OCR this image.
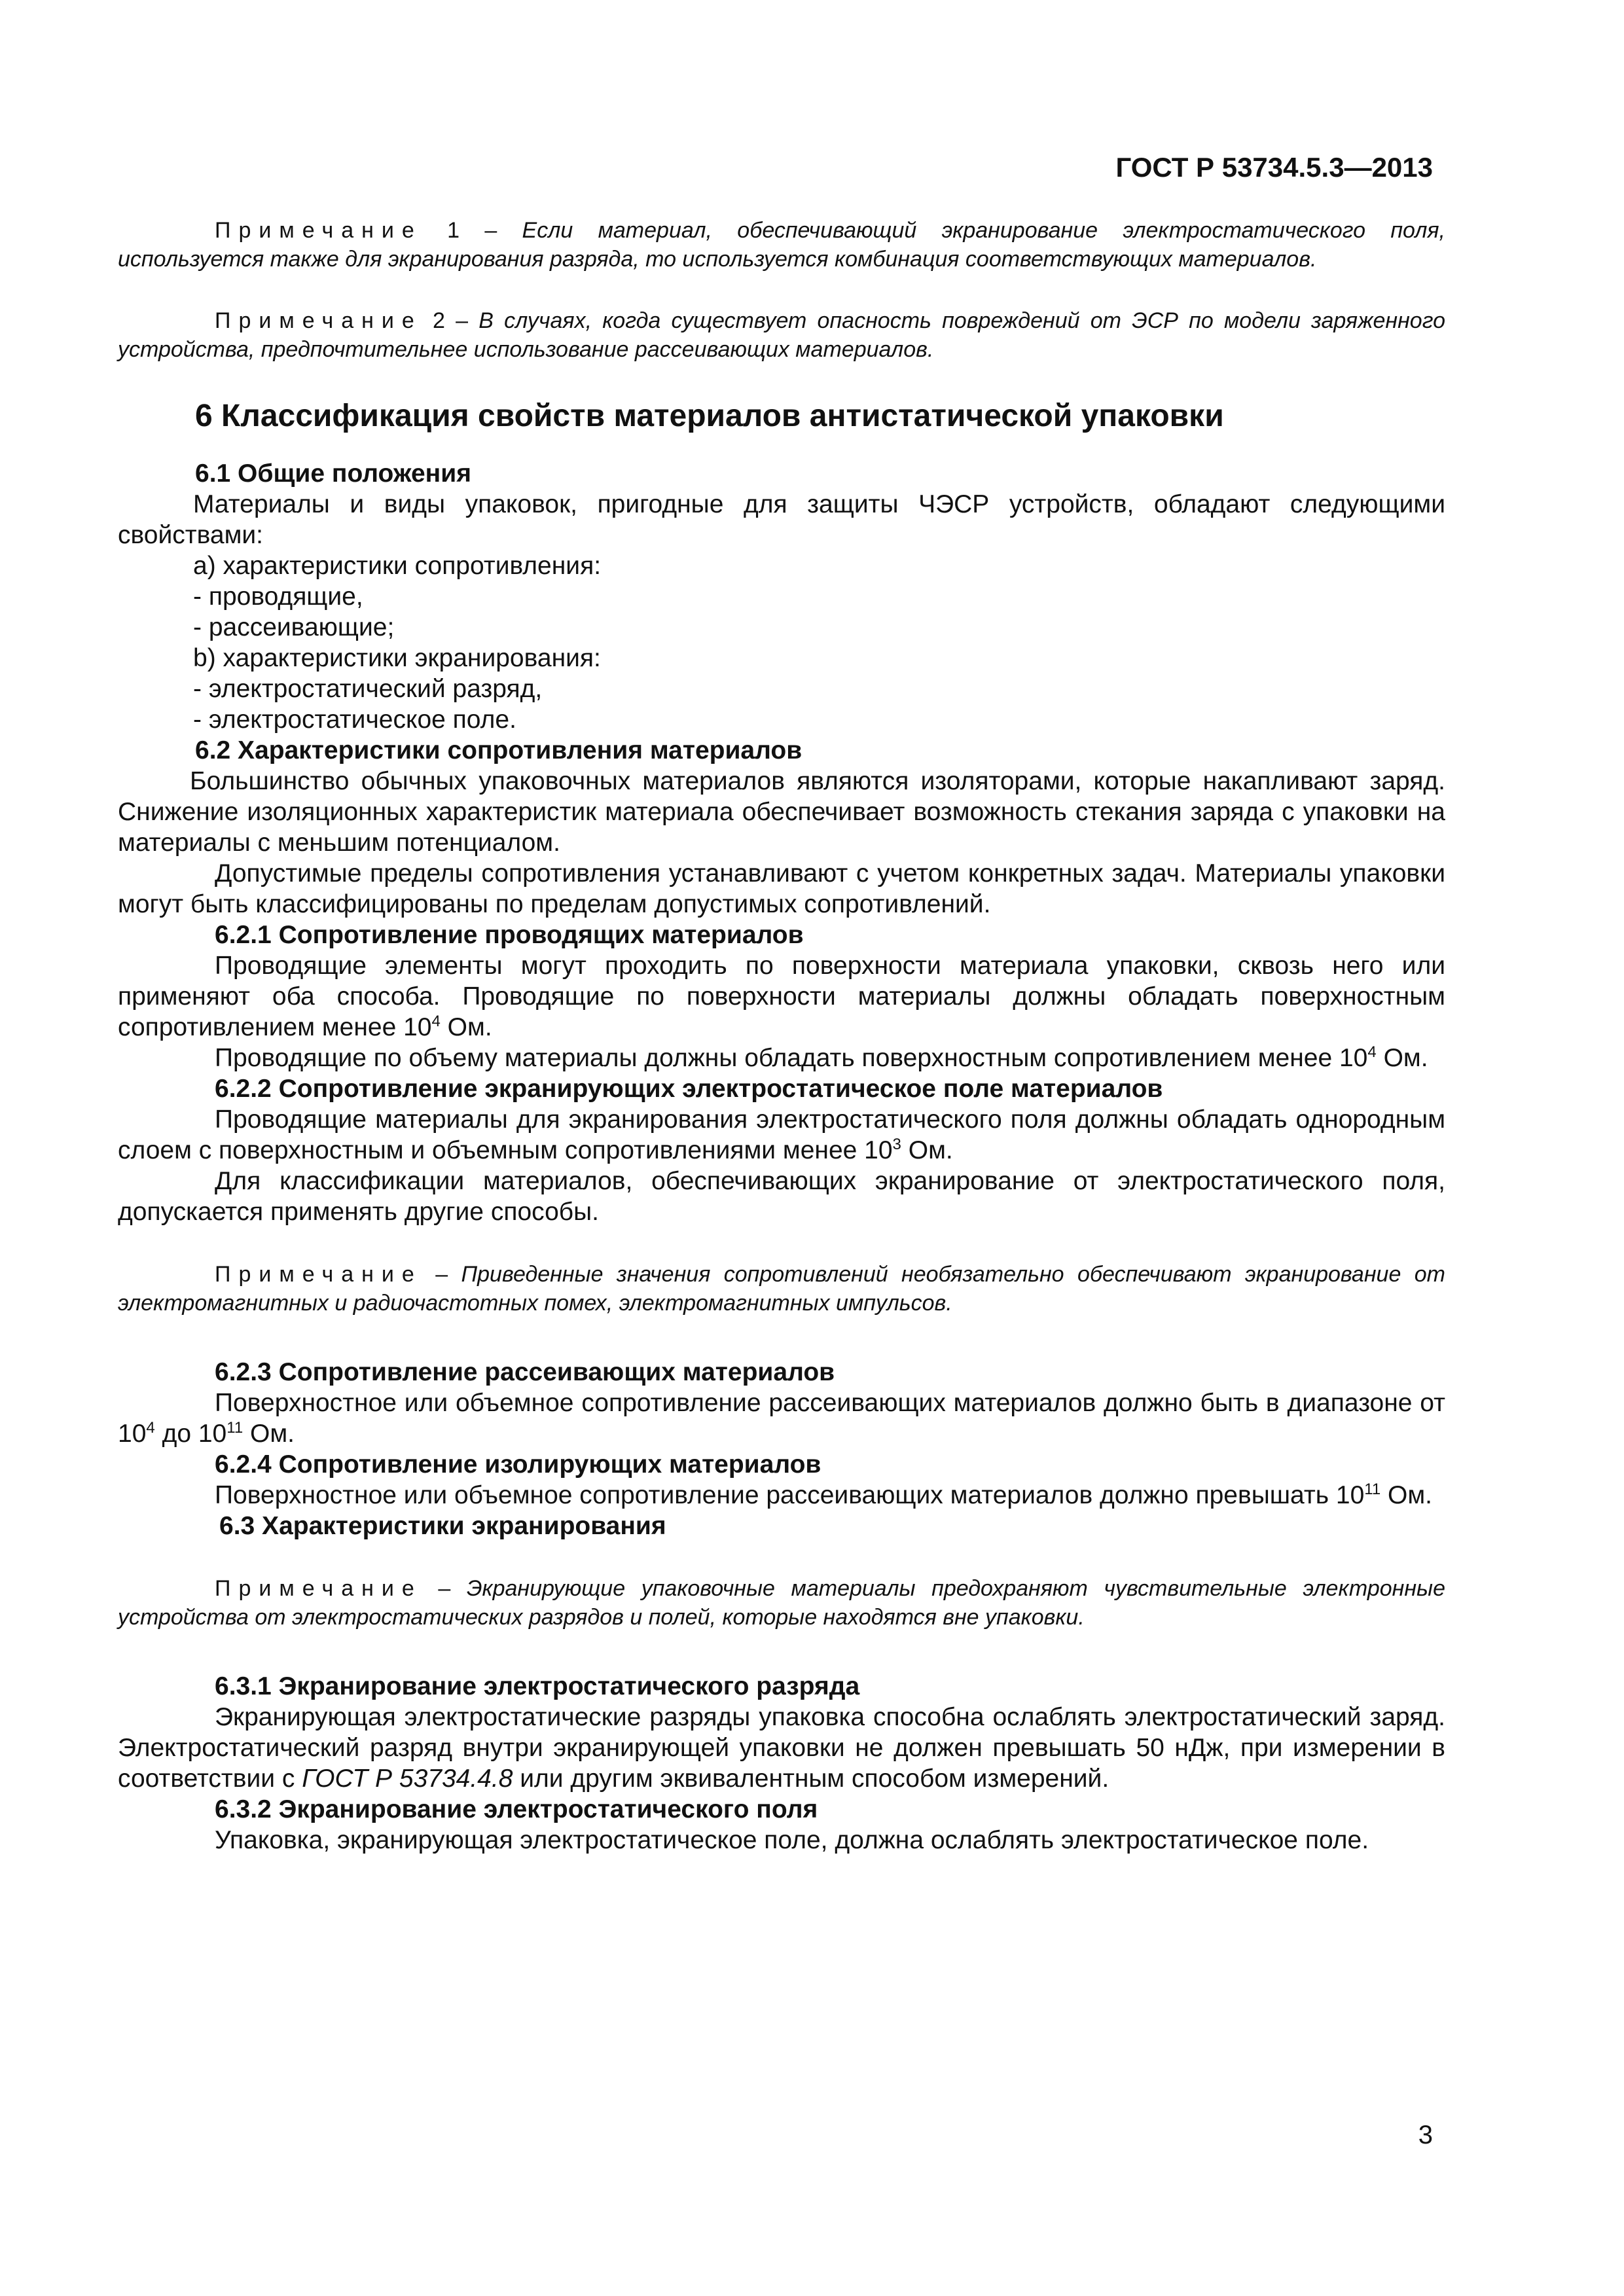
ГОСТ Р 53734.5.3—2013

Примечание 1 – Если материал, обеспечивающий экранирование электростатического поля, используется также для экранирования разряда, то используется комбинация соответствующих материалов.

Примечание 2 – В случаях, когда существует опасность повреждений от ЭСР по модели заряженного устройства, предпочтительнее использование рассеивающих материалов.

6 Классификация свойств материалов антистатической упаковки

6.1 Общие положения

Материалы и виды упаковок, пригодные для защиты ЧЭСР устройств, обладают следующими свойствами:

а) характеристики сопротивления:

- проводящие,

- рассеивающие;

b) характеристики экранирования:

- электростатический разряд,

- электростатическое поле.

6.2 Характеристики сопротивления материалов

Большинство обычных упаковочных материалов являются изоляторами, которые накапливают заряд. Снижение изоляционных характеристик материала обеспечивает возможность стекания заряда с упаковки на материалы с меньшим потенциалом.

Допустимые пределы сопротивления устанавливают с учетом конкретных задач. Материалы упаковки могут быть классифицированы по пределам допустимых сопротивлений.

6.2.1 Сопротивление проводящих материалов

Проводящие элементы могут проходить по поверхности материала упаковки, сквозь него или применяют оба способа. Проводящие по поверхности материалы должны обладать поверхностным сопротивлением менее $10^4$ Ом.

Проводящие по объему материалы должны обладать поверхностным сопротивлением менее $10^4$ Ом.

6.2.2 Сопротивление экранирующих электростатическое поле материалов

Проводящие материалы для экранирования электростатического поля должны обладать однородным слоем с поверхностным и объемным сопротивлениями менее $10^3$ Ом.

Для классификации материалов, обеспечивающих экранирование от электростатического поля, допускается применять другие способы.

Примечание – Приведенные значения сопротивлений необязательно обеспечивают экранирование от электромагнитных и радиочастотных помех, электромагнитных импульсов.

6.2.3 Сопротивление рассеивающих материалов

Поверхностное или объемное сопротивление рассеивающих материалов должно быть в диапазоне от $10^4$ до $10^{11}$ Ом.

6.2.4 Сопротивление изолирующих материалов

Поверхностное или объемное сопротивление рассеивающих материалов должно превышать $10^{11}$ Ом.

6.3 Характеристики экранирования

Примечание – Экранирующие упаковочные материалы предохраняют чувствительные электронные устройства от электростатических разрядов и полей, которые находятся вне упаковки.

6.3.1 Экранирование электростатического разряда

Экранирующая электростатические разряды упаковка способна ослаблять электростатический заряд. Электростатический разряд внутри экранирующей упаковки не должен превышать 50 нДж, при измерении в соответствии с ГОСТ Р 53734.4.8 или другим эквивалентным способом измерений.

6.3.2 Экранирование электростатического поля

Упаковка, экранирующая электростатическое поле, должна ослаблять электростатическое поле.

3
